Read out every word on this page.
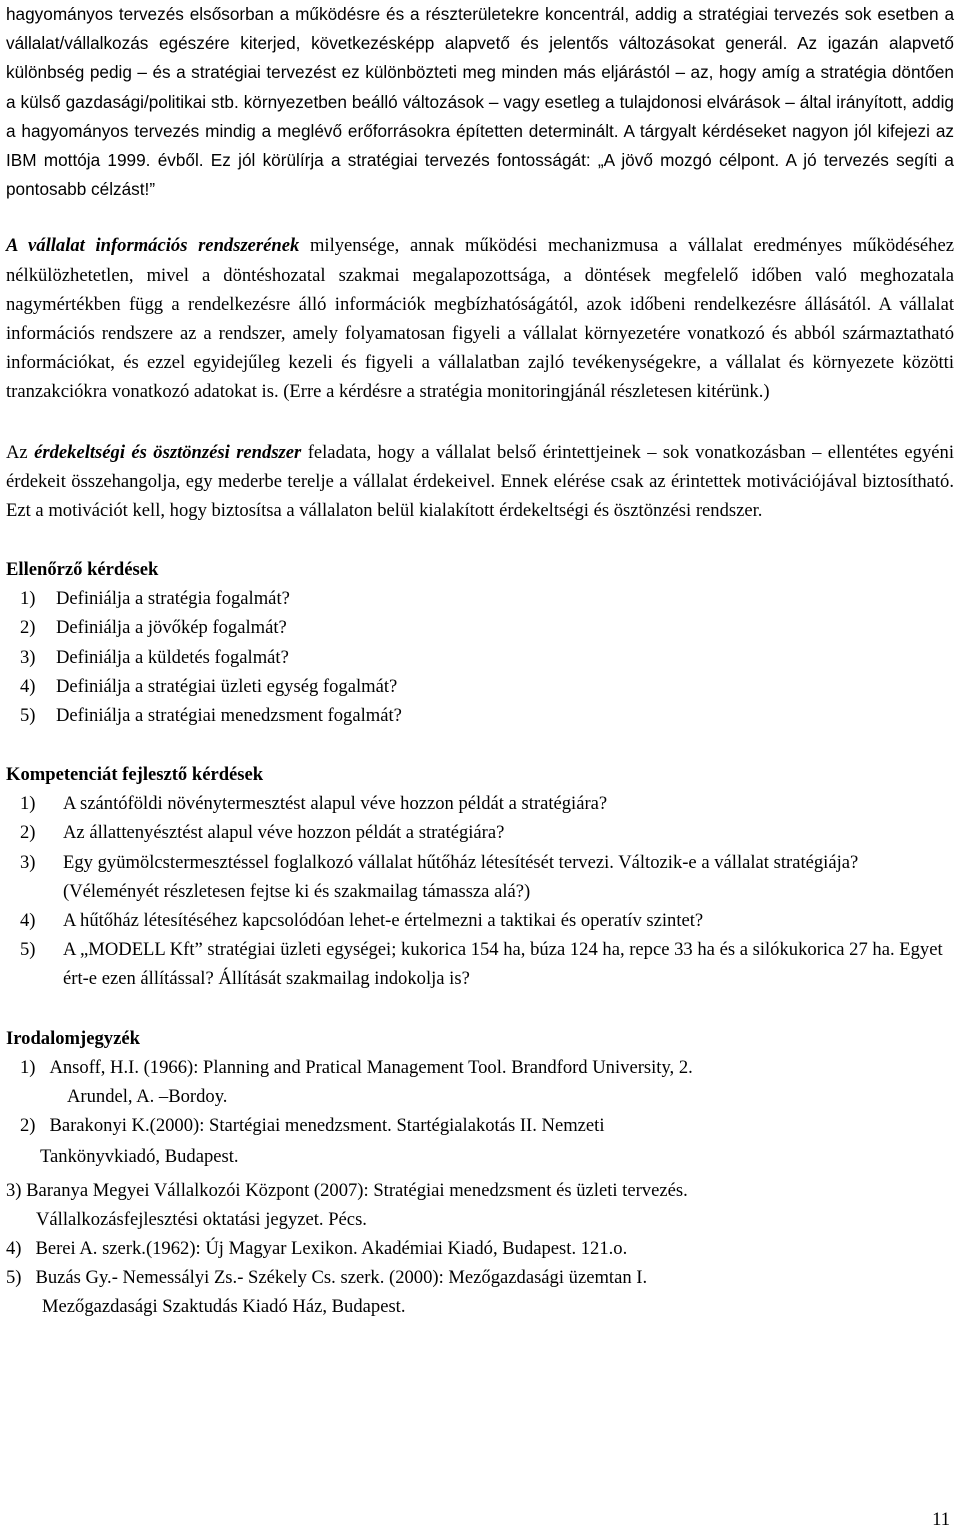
hagyományos tervezés elsősorban a működésre és a részterületekre koncentrál, addig a stratégiai tervezés sok esetben a vállalat/vállalkozás egészére kiterjed, következésképp alapvető és jelentős változásokat generál. Az igazán alapvető különbség pedig – és a stratégiai tervezést ez különbözteti meg minden más eljárástól – az, hogy amíg a stratégia döntően a külső gazdasági/politikai stb. környezetben beálló változások – vagy esetleg a tulajdonosi elvárások – által irányított, addig a hagyományos tervezés mindig a meglévő erőforrásokra építetten determinált. A tárgyalt kérdéseket nagyon jól kifejezi az IBM mottója 1999. évből. Ez jól körülírja a stratégiai tervezés fontosságát: „A jövő mozgó célpont. A jó tervezés segíti a pontosabb célzást!”

A vállalat információs rendszerének milyensége, annak működési mechanizmusa a vállalat eredményes működéséhez nélkülözhetetlen, mivel a döntéshozatal szakmai megalapozottsága, a döntések megfelelő időben való meghozatala nagymértékben függ a rendelkezésre álló információk megbízhatóságától, azok időbeni rendelkezésre állásától. A vállalat információs rendszere az a rendszer, amely folyamatosan figyeli a vállalat környezetére vonatkozó és abból származtatható információkat, és ezzel egyidejűleg kezeli és figyeli a vállalatban zajló tevékenységekre, a vállalat és környezete közötti tranzakciókra vonatkozó adatokat is. (Erre a kérdésre a stratégia monitoringjánál részletesen kitérünk.)

Az érdekeltségi és ösztönzési rendszer feladata, hogy a vállalat belső érintettjeinek – sok vonatkozásban – ellentétes egyéni érdekeit összehangolja, egy mederbe terelje a vállalat érdekeivel. Ennek elérése csak az érintettek motivációjával biztosítható. Ezt a motivációt kell, hogy biztosítsa a vállalaton belül kialakított érdekeltségi és ösztönzési rendszer.

Ellenőrző kérdések
1) Definiálja a stratégia fogalmát?
2) Definiálja a jövőkép fogalmát?
3) Definiálja a küldetés fogalmát?
4) Definiálja a stratégiai üzleti egység fogalmát?
5) Definiálja a stratégiai menedzsment fogalmát?
Kompetenciát fejlesztő kérdések
1) A szántóföldi növénytermesztést alapul véve hozzon példát a stratégiára?
2) Az állattenyésztést alapul véve hozzon példát a stratégiára?
3) Egy gyümölcstermesztéssel foglalkozó vállalat hűtőház létesítését tervezi. Változik-e a vállalat stratégiája? (Véleményét részletesen fejtse ki és szakmailag támassza alá?)
4) A hűtőház létesítéséhez kapcsolódóan lehet-e értelmezni a taktikai és operatív szintet?
5) A „MODELL Kft” stratégiai üzleti egységei; kukorica 154 ha, búza 124 ha, repce 33 ha és a silókukorica 27 ha. Egyet ért-e ezen állítással? Állítását szakmailag indokolja is?
Irodalomjegyzék
1) Ansoff, H.I. (1966): Planning and Pratical Management Tool. Brandford University, 2.
Arundel, A. –Bordoy.
2) Barakonyi K.(2000): Startégiai menedzsment. Startégialakotás II. Nemzeti
Tankönyvkiadó, Budapest.
3) Baranya Megyei Vállalkozói Központ (2007): Stratégiai menedzsment és üzleti tervezés.
Vállalkozásfejlesztési oktatási jegyzet. Pécs.
4) Berei A. szerk.(1962): Új Magyar Lexikon. Akadémiai Kiadó, Budapest. 121.o.
5) Buzás Gy.- Nemessályi Zs.- Székely Cs. szerk. (2000): Mezőgazdasági üzemtan I.
Mezőgazdasági Szaktudás Kiadó Ház, Budapest.
11
